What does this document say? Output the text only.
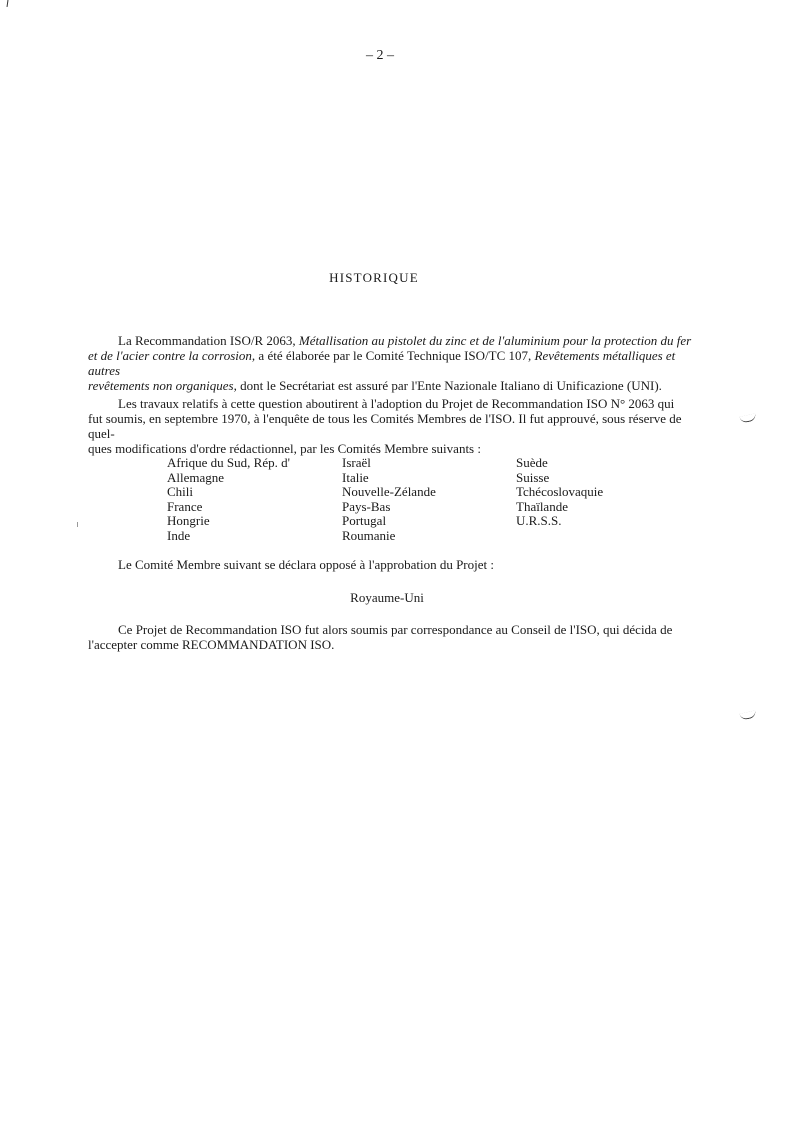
– 2 –
HISTORIQUE

La Recommandation ISO/R 2063, Métallisation au pistolet du zinc et de l'aluminium pour la protection du fer
et de l'acier contre la corrosion, a été élaborée par le Comité Technique ISO/TC 107, Revêtements métalliques et autres
revêtements non organiques, dont le Secrétariat est assuré par l'Ente Nazionale Italiano di Unificazione (UNI).

Les travaux relatifs à cette question aboutirent à l'adoption du Projet de Recommandation ISO N° 2063 qui
fut soumis, en septembre 1970, à l'enquête de tous les Comités Membres de l'ISO. Il fut approuvé, sous réserve de quel-
ques modifications d'ordre rédactionnel, par les Comités Membre suivants :

Afrique du Sud, Rép. d'
Allemagne
Chili
France
Hongrie
Inde
Israël
Italie
Nouvelle-Zélande
Pays-Bas
Portugal
Roumanie
Suède
Suisse
Tchécoslovaquie
Thaïlande
U.R.S.S.

Le Comité Membre suivant se déclara opposé à l'approbation du Projet :

Royaume-Uni

Ce Projet de Recommandation ISO fut alors soumis par correspondance au Conseil de l'ISO, qui décida de
l'accepter comme RECOMMANDATION ISO.
